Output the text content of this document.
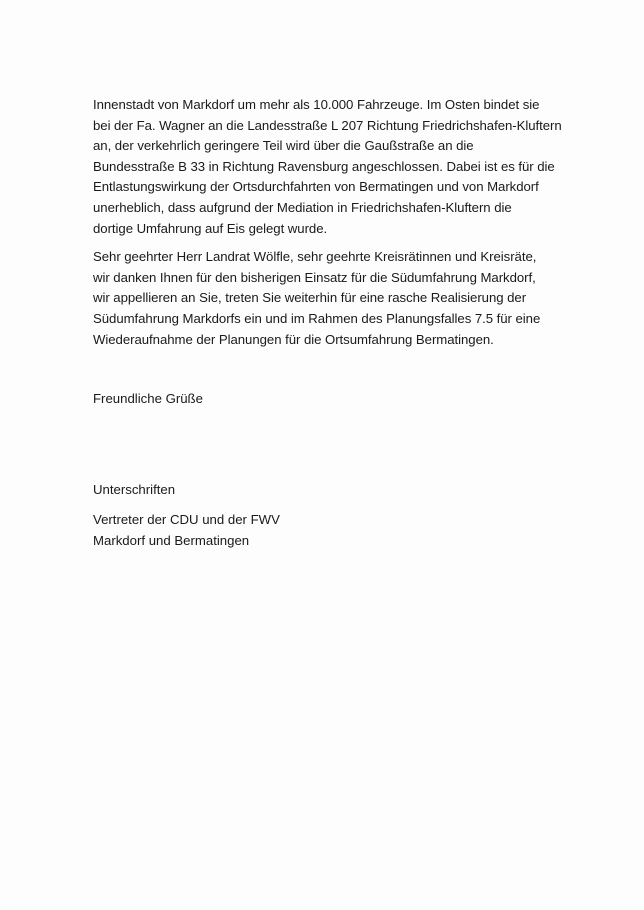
Innenstadt von Markdorf um mehr als 10.000 Fahrzeuge. Im Osten bindet sie
bei der Fa. Wagner an die Landesstraße L 207 Richtung Friedrichshafen-Kluftern
an, der verkehrlich geringere Teil wird über die Gaußstraße an die
Bundesstraße B 33 in Richtung Ravensburg angeschlossen. Dabei ist es für die
Entlastungswirkung der Ortsdurchfahrten von Bermatingen und von Markdorf
unerheblich, dass aufgrund der Mediation in Friedrichshafen-Kluftern die
dortige Umfahrung auf Eis gelegt wurde.

Sehr geehrter Herr Landrat Wölfle, sehr geehrte Kreisrätinnen und Kreisräte,
wir danken Ihnen für den bisherigen Einsatz für die Südumfahrung Markdorf,
wir appellieren an Sie, treten Sie weiterhin für eine rasche Realisierung der
Südumfahrung Markdorfs ein und im Rahmen des Planungsfalles 7.5 für eine
Wiederaufnahme der Planungen für die Ortsumfahrung Bermatingen.

Freundliche Grüße
Unterschriften
Vertreter der CDU und der FWV
Markdorf und Bermatingen
